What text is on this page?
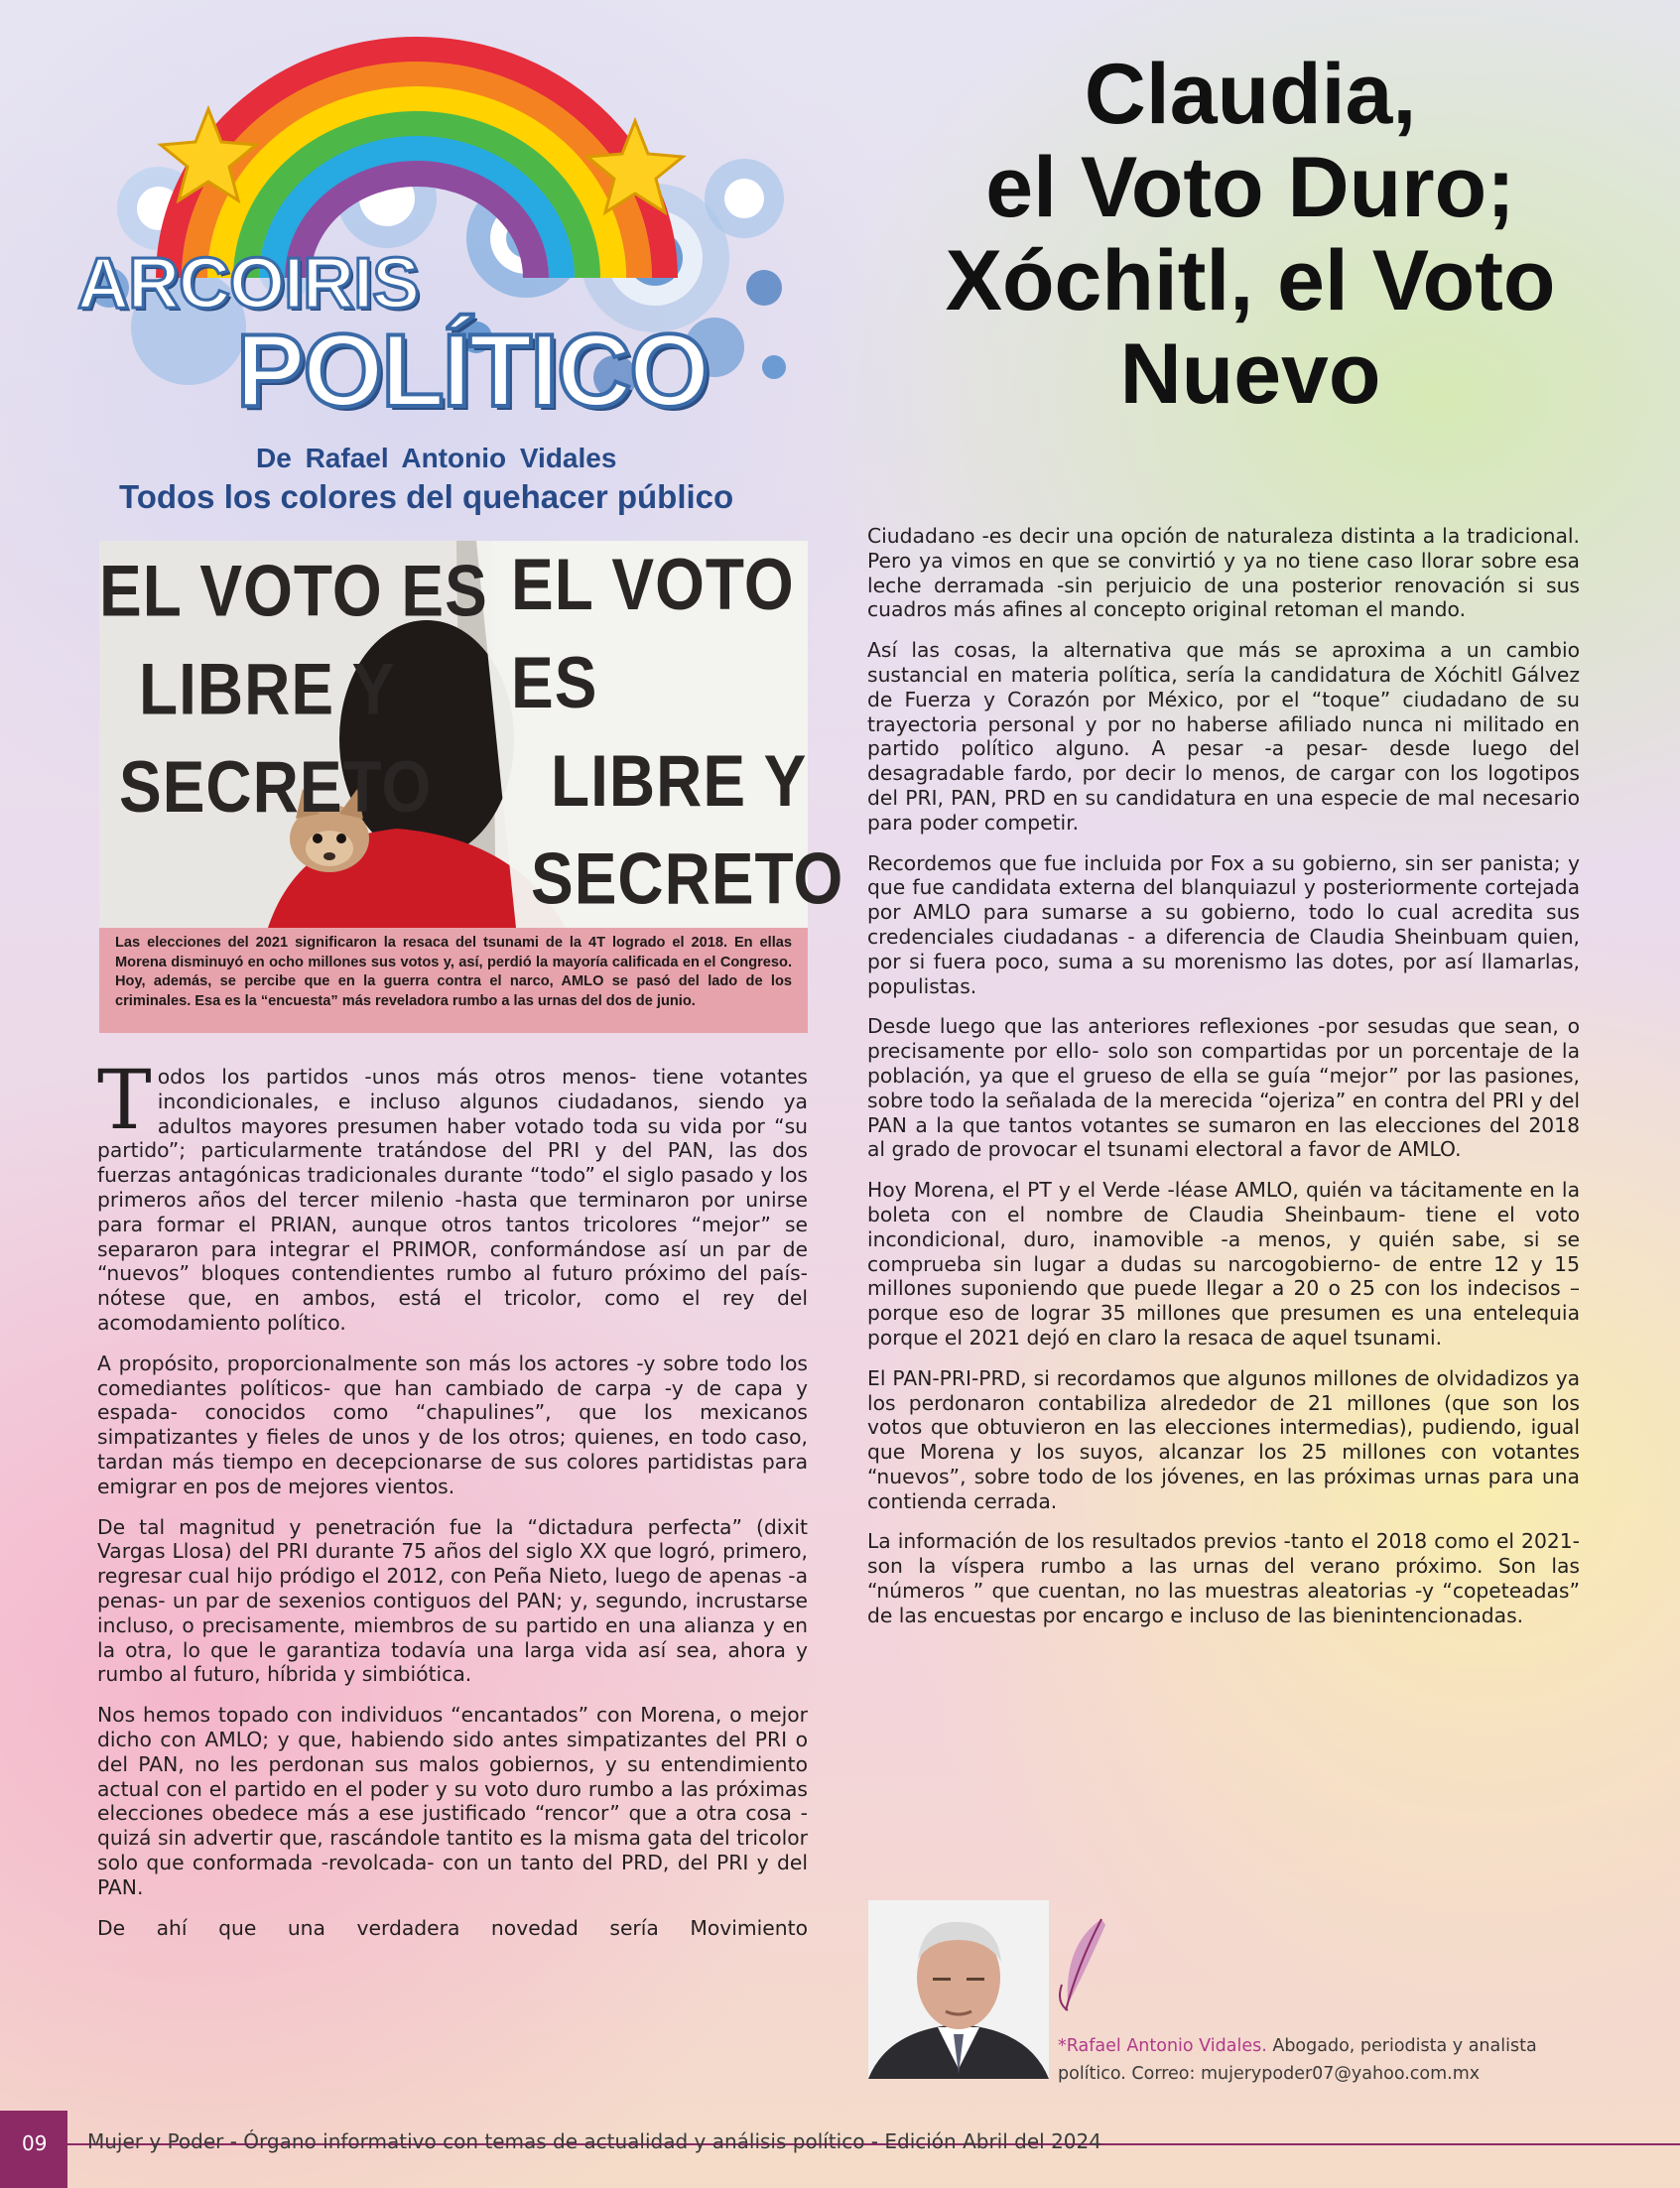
ARCOIRIS
POLÍTICO
De Rafael Antonio Vidales
Todos los colores del quehacer público
Claudia,
el Voto Duro;
Xóchitl, el Voto
Nuevo
EL VOTO ES
LIBRE Y
SECRETO
EL VOTO ES
LIBRE Y
SECRETO
Las elecciones del 2021 significaron la resaca del tsunami de la 4T logrado el 2018. En ellas Morena disminuyó en ocho millones sus votos y, así, perdió la mayoría calificada en el Congreso. Hoy, además, se percibe que en la guerra contra el narco, AMLO se pasó del lado de los criminales. Esa es la “encuesta” más reveladora rumbo a las urnas del dos de junio.

Todos los partidos -unos más otros menos- tiene votantes incondicionales, e incluso algunos ciudadanos, siendo ya adultos mayores presumen haber votado toda su vida por “su partido”; particularmente tratándose del PRI y del PAN, las dos fuerzas antagónicas tradicionales durante “todo” el siglo pasado y los primeros años del tercer milenio -hasta que terminaron por unirse para formar el PRIAN, aunque otros tantos tricolores “mejor” se separaron para integrar el PRIMOR, conformándose así un par de “nuevos” bloques contendientes rumbo al futuro próximo del país- nótese que, en ambos, está el tricolor, como el rey del acomodamiento político.

A propósito, proporcionalmente son más los actores -y sobre todo los comediantes políticos- que han cambiado de carpa -y de capa y espada- conocidos como “chapulines”, que los mexicanos simpatizantes y fieles de unos y de los otros; quienes, en todo caso, tardan más tiempo en decepcionarse de sus colores partidistas para emigrar en pos de mejores vientos.

De tal magnitud y penetración fue la “dictadura perfecta” (dixit Vargas Llosa) del PRI durante 75 años del siglo XX que logró, primero, regresar cual hijo pródigo el 2012, con Peña Nieto, luego de apenas -a penas- un par de sexenios contiguos del PAN; y, segundo, incrustarse incluso, o precisamente, miembros de su partido en una alianza y en la otra, lo que le garantiza todavía una larga vida así sea, ahora y rumbo al futuro, híbrida y simbiótica.

Nos hemos topado con individuos “encantados” con Morena, o mejor dicho con AMLO; y que, habiendo sido antes simpatizantes del PRI o del PAN, no les perdonan sus malos gobiernos, y su entendimiento actual con el partido en el poder y su voto duro rumbo a las próximas elecciones obedece más a ese justificado “rencor” que a otra cosa -quizá sin advertir que, rascándole tantito es la misma gata del tricolor solo que conformada -revolcada- con un tanto del PRD, del PRI y del PAN.

De ahí que una verdadera novedad sería Movimiento

Ciudadano -es decir una opción de naturaleza distinta a la tradicional. Pero ya vimos en que se convirtió y ya no tiene caso llorar sobre esa leche derramada -sin perjuicio de una posterior renovación si sus cuadros más afines al concepto original retoman el mando.

Así las cosas, la alternativa que más se aproxima a un cambio sustancial en materia política, sería la candidatura de Xóchitl Gálvez de Fuerza y Corazón por México, por el “toque” ciudadano de su trayectoria personal y por no haberse afiliado nunca ni militado en partido político alguno. A pesar -a pesar- desde luego del desagradable fardo, por decir lo menos, de cargar con los logotipos del PRI, PAN, PRD en su candidatura en una especie de mal necesario para poder competir.

Recordemos que fue incluida por Fox a su gobierno, sin ser panista; y que fue candidata externa del blanquiazul y posteriormente cortejada por AMLO para sumarse a su gobierno, todo lo cual acredita sus credenciales ciudadanas - a diferencia de Claudia Sheinbuam quien, por si fuera poco, suma a su morenismo las dotes, por así llamarlas, populistas.

Desde luego que las anteriores reflexiones -por sesudas que sean, o precisamente por ello- solo son compartidas por un porcentaje de la población, ya que el grueso de ella se guía “mejor” por las pasiones, sobre todo la señalada de la merecida “ojeriza” en contra del PRI y del PAN a la que tantos votantes se sumaron en las elecciones del 2018 al grado de provocar el tsunami electoral a favor de AMLO.

Hoy Morena, el PT y el Verde -léase AMLO, quién va tácitamente en la boleta con el nombre de Claudia Sheinbaum- tiene el voto incondicional, duro, inamovible -a menos, y quién sabe, si se comprueba sin lugar a dudas su narcogobierno- de entre 12 y 15 millones suponiendo que puede llegar a 20 o 25 con los indecisos – porque eso de lograr 35 millones que presumen es una entelequia porque el 2021 dejó en claro la resaca de aquel tsunami.

El PAN-PRI-PRD, si recordamos que algunos millones de olvidadizos ya los perdonaron contabiliza alrededor de 21 millones (que son los votos que obtuvieron en las elecciones intermedias), pudiendo, igual que Morena y los suyos, alcanzar los 25 millones con votantes “nuevos”, sobre todo de los jóvenes, en las próximas urnas para una contienda cerrada.

La información de los resultados previos -tanto el 2018 como el 2021- son la víspera rumbo a las urnas del verano próximo. Son las “números ” que cuentan, no las muestras aleatorias -y “copeteadas” de las encuestas por encargo e incluso de las bienintencionadas.

*Rafael Antonio Vidales. Abogado, periodista y analista político. Correo: mujerypoder07@yahoo.com.mx
09 Mujer y Poder - Órgano informativo con temas de actualidad y análisis político - Edición Abril del 2024
